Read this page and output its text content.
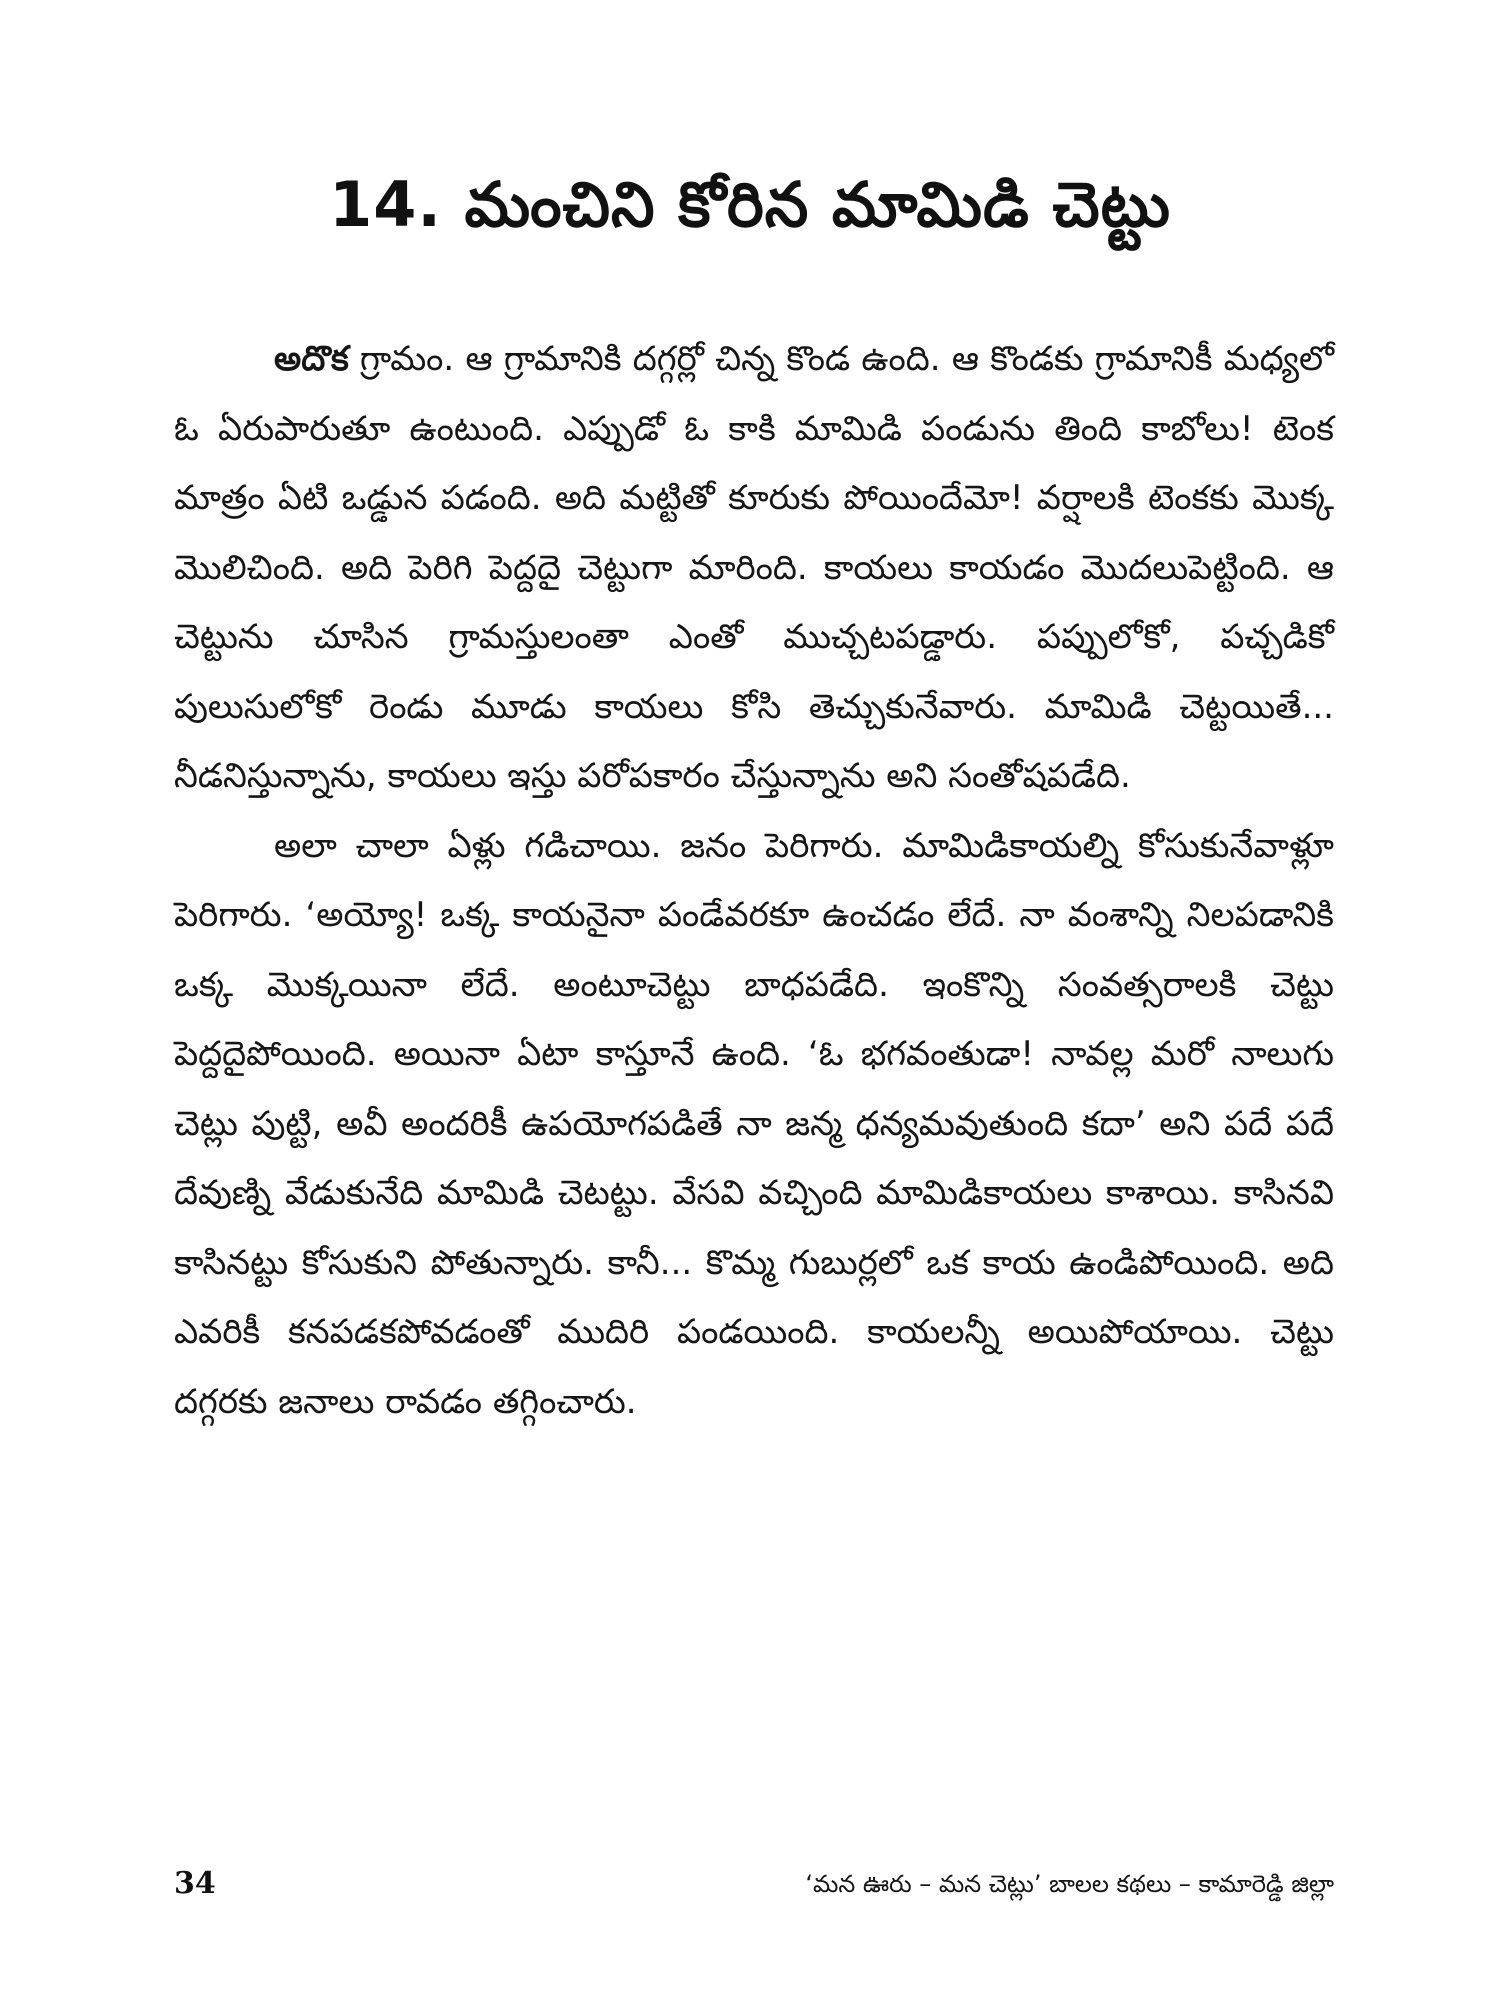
14. మంచిని కోరిన మామిడి చెట్టు

అదొక గ్రామం. ఆ గ్రామానికి దగ్గర్లో చిన్న కొండ ఉంది. ఆ కొండకు గ్రామానికీ మధ్యలో ఓ ఏరుపారుతూ ఉంటుంది. ఎప్పుడో ఓ కాకి మామిడి పండును తింది కాబోలు! టెంక మాత్రం ఏటి ఒడ్డున పడంది. అది మట్టితో కూరుకు పోయిందేమో! వర్షాలకి టెంకకు మొక్క మొలిచింది. అది పెరిగి పెద్దదై చెట్టుగా మారింది. కాయలు కాయడం మొదలుపెట్టింది. ఆ చెట్టును చూసిన గ్రామస్తులంతా ఎంతో ముచ్చటపడ్డారు. పప్పులోకో, పచ్చడికో పులుసులోకో రెండు మూడు కాయలు కోసి తెచ్చుకునేవారు. మామిడి చెట్టయితే... నీడనిస్తున్నాను, కాయలు ఇస్తు పరోపకారం చేస్తున్నాను అని సంతోషపడేది.

అలా చాలా ఏళ్లు గడిచాయి. జనం పెరిగారు. మామిడికాయల్ని కోసుకునేవాళ్లూ పెరిగారు. ‘అయ్యో! ఒక్క కాయనైనా పండేవరకూ ఉంచడం లేదే. నా వంశాన్ని నిలపడానికి ఒక్క మొక్కయినా లేదే. అంటూచెట్టు బాధపడేది. ఇంకొన్ని సంవత్సరాలకి చెట్టు పెద్దదైపోయింది. అయినా ఏటా కాస్తూనే ఉంది. ‘ఓ భగవంతుడా! నావల్ల మరో నాలుగు చెట్లు పుట్టి, అవీ అందరికీ ఉపయోగపడితే నా జన్మ ధన్యమవుతుంది కదా’ అని పదే పదే దేవుణ్ని వేడుకునేది మామిడి చెటట్టు. వేసవి వచ్చింది మామిడికాయలు కాశాయి. కాసినవి కాసినట్టు కోసుకుని పోతున్నారు. కానీ... కొమ్మ గుబుర్లలో ఒక కాయ ఉండిపోయింది. అది ఎవరికీ కనపడకపోవడంతో ముదిరి పండయింది. కాయలన్నీ అయిపోయాయి. చెట్టు దగ్గరకు జనాలు రావడం తగ్గించారు.

34	‘మన ఊరు – మన చెట్లు’ బాలల కథలు – కామారెడ్డి జిల్లా
